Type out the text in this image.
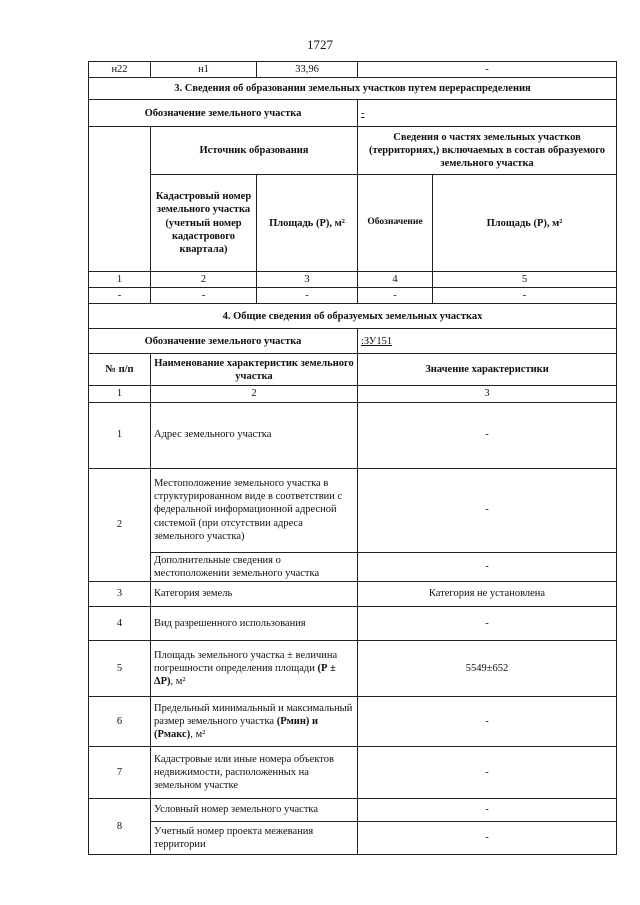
1727
н22	н1	33,96	-	
3. Сведения об образовании земельных участков путем перераспределения				
Обозначение земельного участка			-	
	Источник образования		Сведения о частях земельных участков (территориях,) включаемых в состав образуемого земельного участка	
	Кадастровый номер земельного участка (учетный номер кадастрового квартала)	Площадь (Р), м²	Обозначение	Площадь (Р), м²
1	2	3	4	5
-	-	-	-	-
4. Общие сведения об образуемых земельных участках				
Обозначение земельного участка			:ЗУ151	
№ п/п	Наименование характеристик земельного участка		Значение характеристики	
1	2		3	
1	Адрес земельного участка		-	
2	Местоположение земельного участка в структурированном виде в соответствии с федеральной информационной адресной системой (при отсутствии адреса земельного участка)		-	
	Дополнительные сведения о местоположении земельного участка		-	
3	Категория земель		Категория не установлена	
4	Вид разрешенного использования		-	
5	Площадь земельного участка ± величина погрешности определения площади (Р ± ΔР), м²		5549±652	
6	Предельный минимальный и максимальный размер земельного участка (Рмин) и (Рмакс), м²		-	
7	Кадастровые или иные номера объектов недвижимости, расположенных на земельном участке		-	
8	Условный номер земельного участка		-	
	Учетный номер проекта межевания территории		-	
